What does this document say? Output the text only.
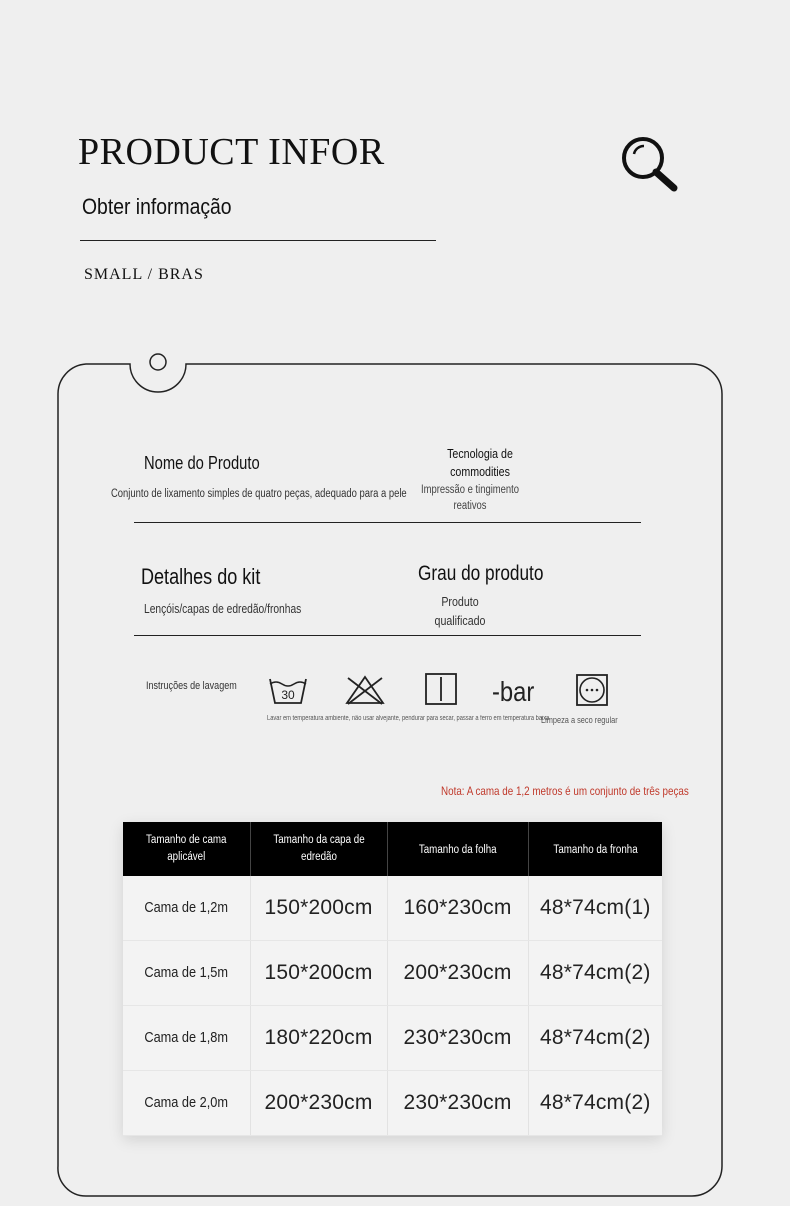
PRODUCT INFOR
Obter informação
SMALL / BRAS
Nome do Produto
Conjunto de lixamento simples de quatro peças, adequado para a pele
Tecnologia de commodities
Impressão e tingimento reativos
Detalhes do kit
Lençóis/capas de edredão/fronhas
Grau do produto
Produto qualificado
Instruções de lavagem
30	-bar
Lavar em temperatura ambiente, não usar alvejante, pendurar para secar, passar a ferro em temperatura baixa
Limpeza a seco regular
Nota: A cama de 1,2 metros é um conjunto de três peças
Tamanho de cama aplicável	Tamanho da capa de edredão	Tamanho da folha	Tamanho da fronha
Cama de 1,2m	150*200cm	160*230cm	48*74cm(1)
Cama de 1,5m	150*200cm	200*230cm	48*74cm(2)
Cama de 1,8m	180*220cm	230*230cm	48*74cm(2)
Cama de 2,0m	200*230cm	230*230cm	48*74cm(2)
